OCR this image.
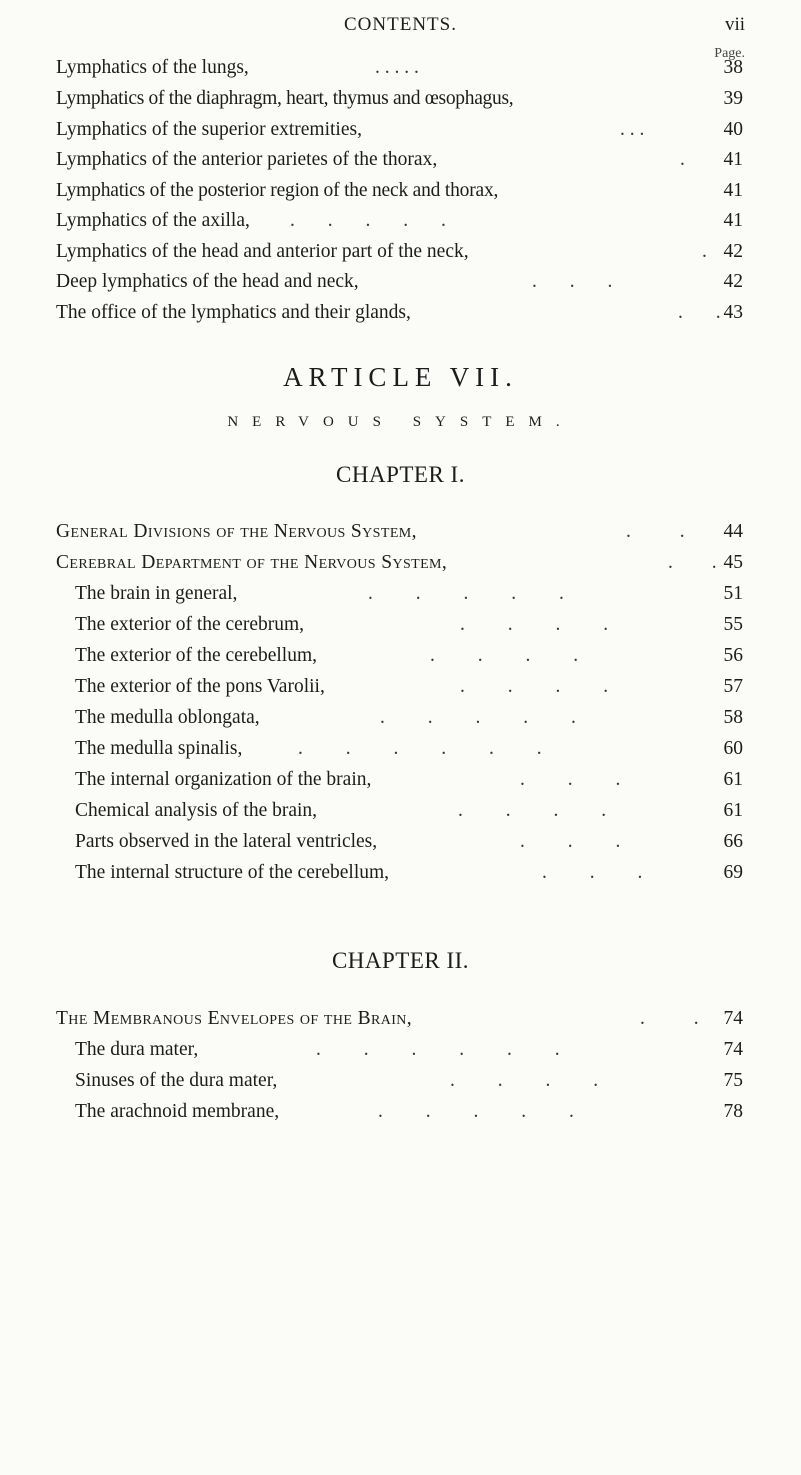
CONTENTS.	vii
Page.
Lymphatics of the lungs,	. . . . .	38
Lymphatics of the diaphragm, heart, thymus and œsophagus,	39
Lymphatics of the superior extremities,	. . .	40
Lymphatics of the anterior parietes of the thorax,	. 41
Lymphatics of the posterior region of the neck and thorax,	41
Lymphatics of the axilla, . . . . .	41
Lymphatics of the head and anterior part of the neck,	. 42
Deep lymphatics of the head and neck,	. . .	42
The office of the lymphatics and their glands,	. . 43
ARTICLE VII.
NERVOUS SYSTEM.
CHAPTER I.
General Divisions of the Nervous System,	. . 44
Cerebral Department of the Nervous System,	. . 45
The brain in general,	. . . . .	51
The exterior of the cerebrum,	. . . .	55
The exterior of the cerebellum,	. . . .	56
The exterior of the pons Varolii,	. . . .	57
The medulla oblongata,	. . . . .	58
The medulla spinalis,	. . . . . .	60
The internal organization of the brain,	. . .	61
Chemical analysis of the brain,	. . . .	61
Parts observed in the lateral ventricles,	. . .	66
The internal structure of the cerebellum,	. . .	69
CHAPTER II.
The Membranous Envelopes of the Brain,	. . 74
The dura mater,	. . . . . .	74
Sinuses of the dura mater,	. . . .	75
The arachnoid membrane,	. . . . .	78
